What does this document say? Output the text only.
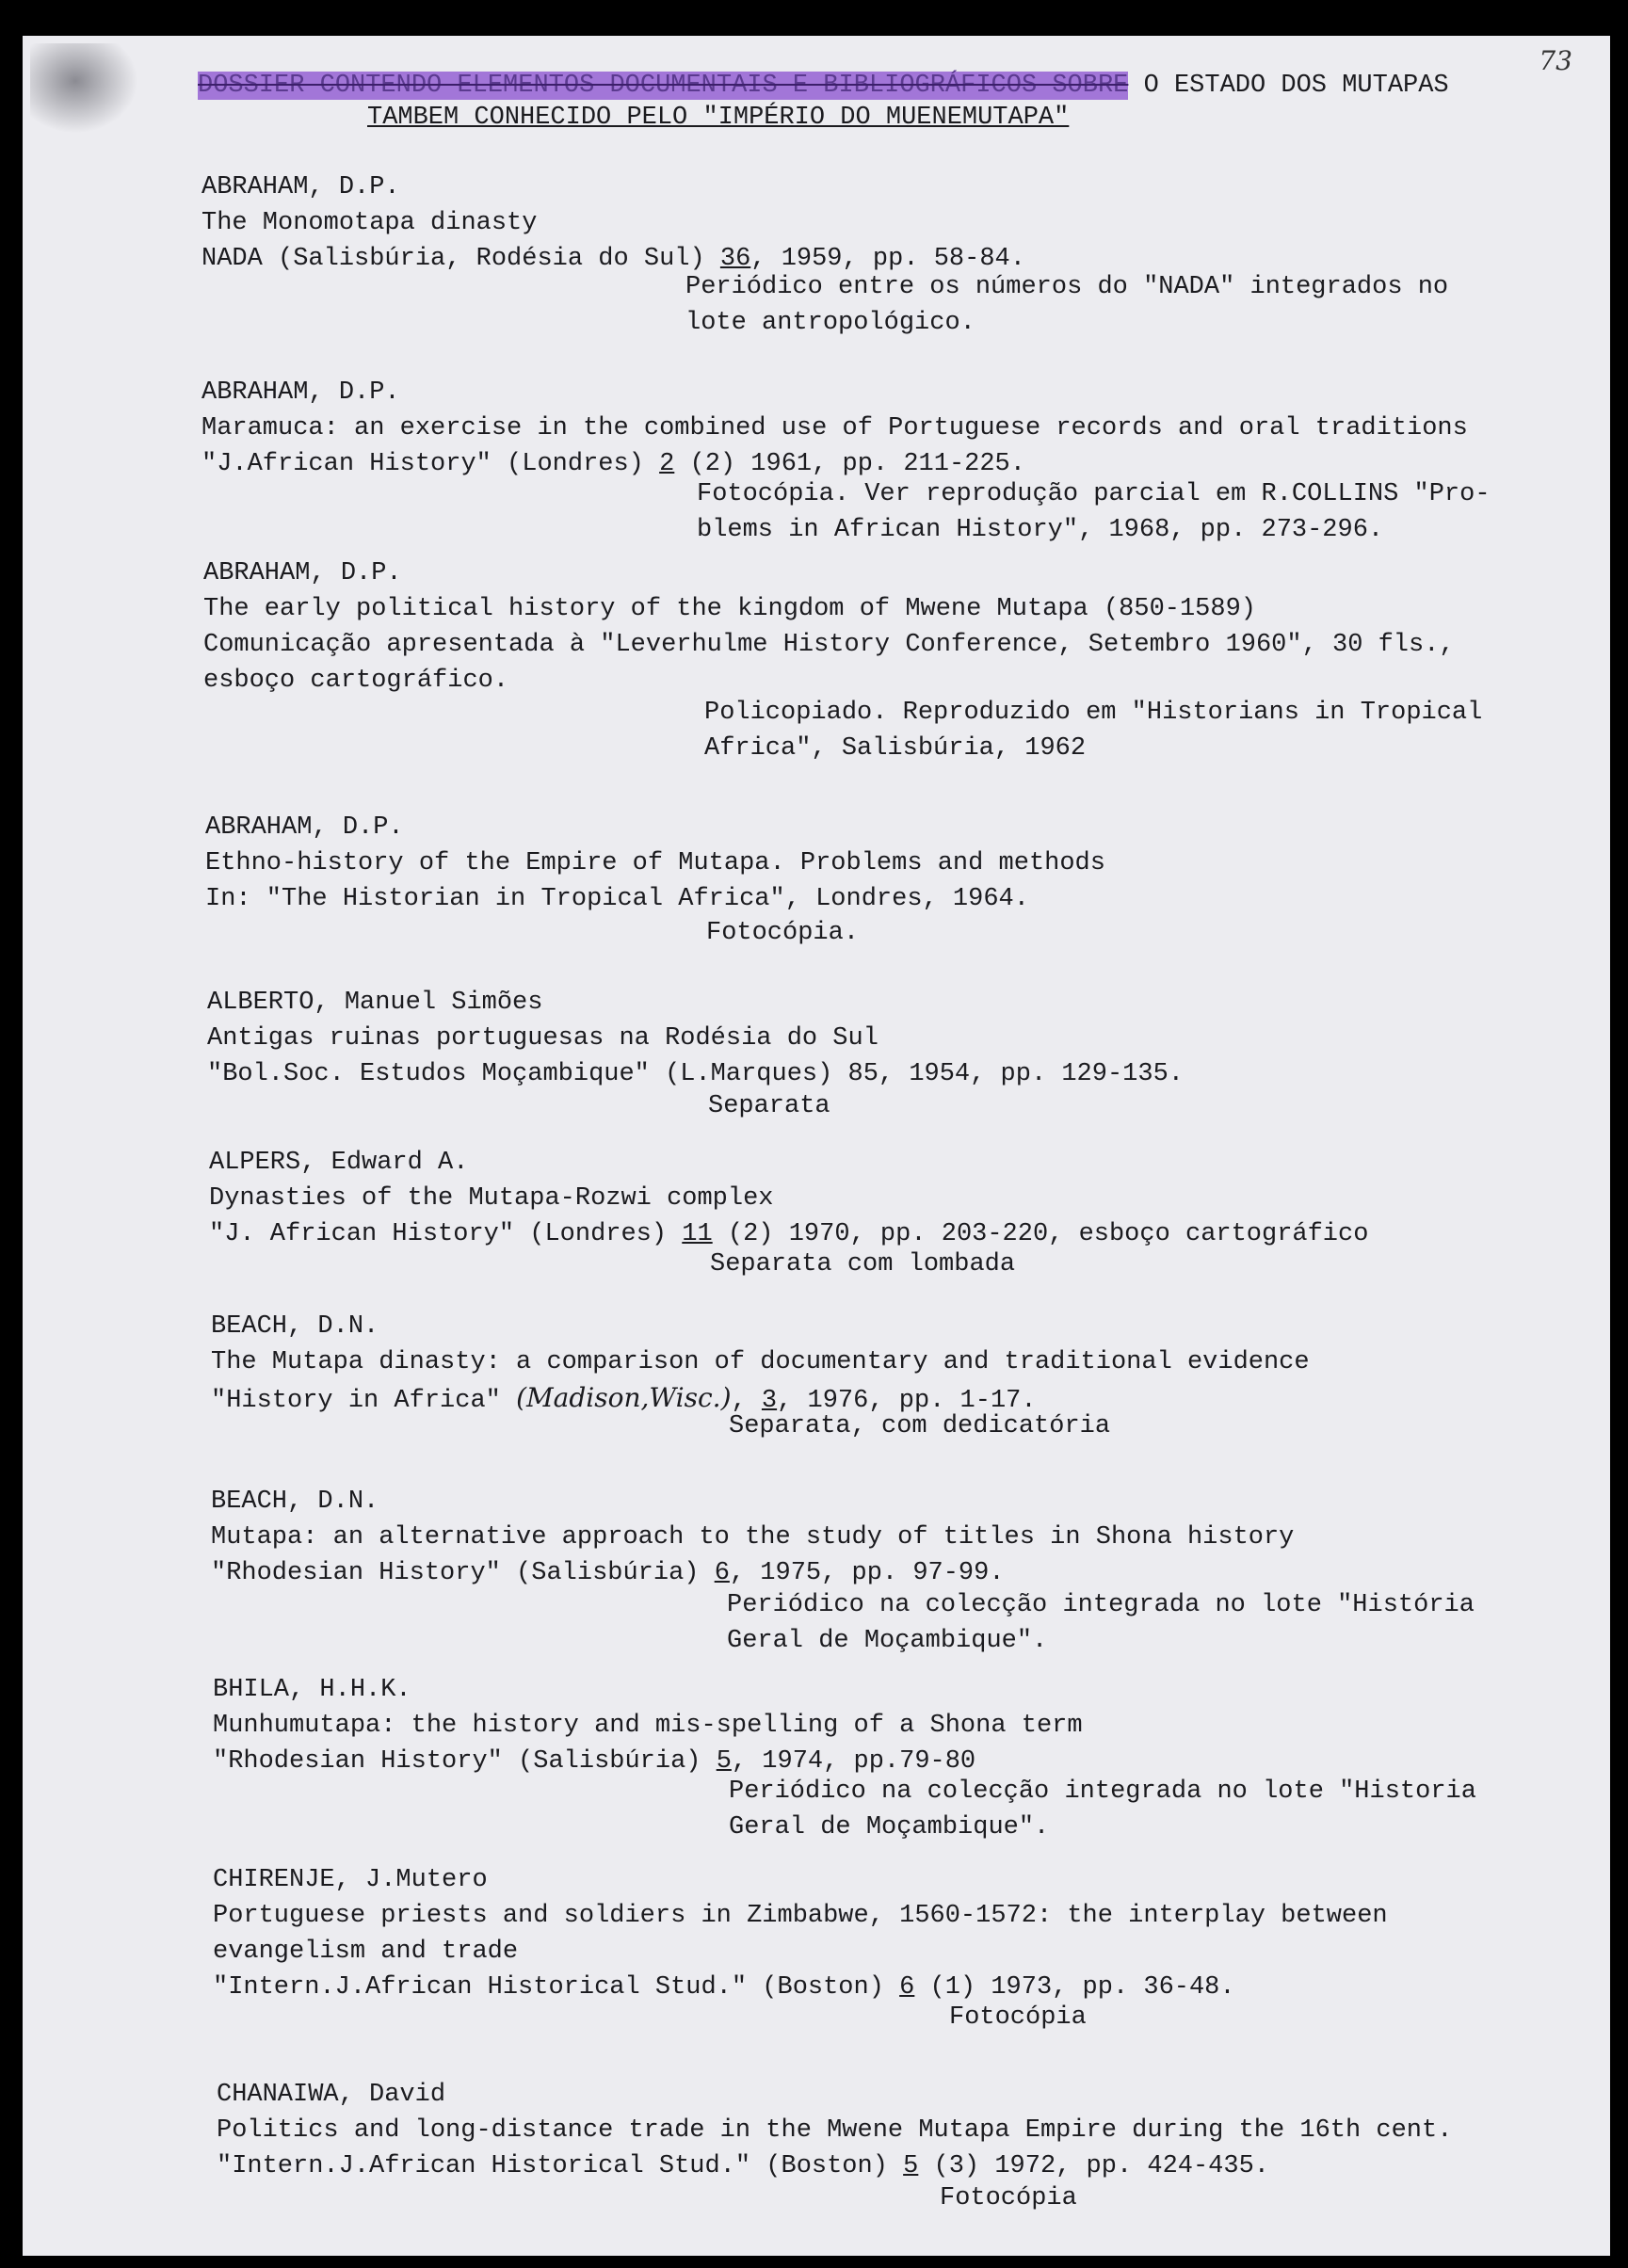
73
DOSSIER CONTENDO ELEMENTOS DOCUMENTAIS E BIBLIOGRÁFICOS SOBRE O ESTADO DOS MUTAPAS
TAMBEM CONHECIDO PELO "IMPÉRIO DO MUENEMUTAPA"
ABRAHAM, D.P.
The Monomotapa dinasty
NADA (Salisbúria, Rodésia do Sul) 36, 1959, pp. 58-84.
Periódico entre os números do "NADA" integrados no
lote antropológico.
ABRAHAM, D.P.
Maramuca: an exercise in the combined use of Portuguese records and oral traditions
"J.African History" (Londres) 2 (2) 1961, pp. 211-225.
Fotocópia. Ver reprodução parcial em R.COLLINS "Pro-
blems in African History", 1968, pp. 273-296.
ABRAHAM, D.P.
The early political history of the kingdom of Mwene Mutapa (850-1589)
Comunicação apresentada à "Leverhulme History Conference, Setembro 1960", 30 fls.,
esboço cartográfico.
Policopiado. Reproduzido em "Historians in Tropical
Africa", Salisbúria, 1962
ABRAHAM, D.P.
Ethno-history of the Empire of Mutapa. Problems and methods
In: "The Historian in Tropical Africa", Londres, 1964.
Fotocópia.
ALBERTO, Manuel Simões
Antigas ruinas portuguesas na Rodésia do Sul
"Bol.Soc. Estudos Moçambique" (L.Marques) 85, 1954, pp. 129-135.
Separata
ALPERS, Edward A.
Dynasties of the Mutapa-Rozwi complex
"J. African History" (Londres) 11 (2) 1970, pp. 203-220, esboço cartográfico
Separata com lombada
BEACH, D.N.
The Mutapa dinasty: a comparison of documentary and traditional evidence
"History in Africa" (Madison,Wisc.), 3, 1976, pp. 1-17.
Separata, com dedicatória
BEACH, D.N.
Mutapa: an alternative approach to the study of titles in Shona history
"Rhodesian History" (Salisbúria) 6, 1975, pp. 97-99.
Periódico na colecção integrada no lote "História
Geral de Moçambique".
BHILA, H.H.K.
Munhumutapa: the history and mis-spelling of a Shona term
"Rhodesian History" (Salisbúria) 5, 1974, pp.79-80
Periódico na colecção integrada no lote "Historia
Geral de Moçambique".
CHIRENJE, J.Mutero
Portuguese priests and soldiers in Zimbabwe, 1560-1572: the interplay between
evangelism and trade
"Intern.J.African Historical Stud." (Boston) 6 (1) 1973, pp. 36-48.
Fotocópia
CHANAIWA, David
Politics and long-distance trade in the Mwene Mutapa Empire during the 16th cent.
"Intern.J.African Historical Stud." (Boston) 5 (3) 1972, pp. 424-435.
Fotocópia
